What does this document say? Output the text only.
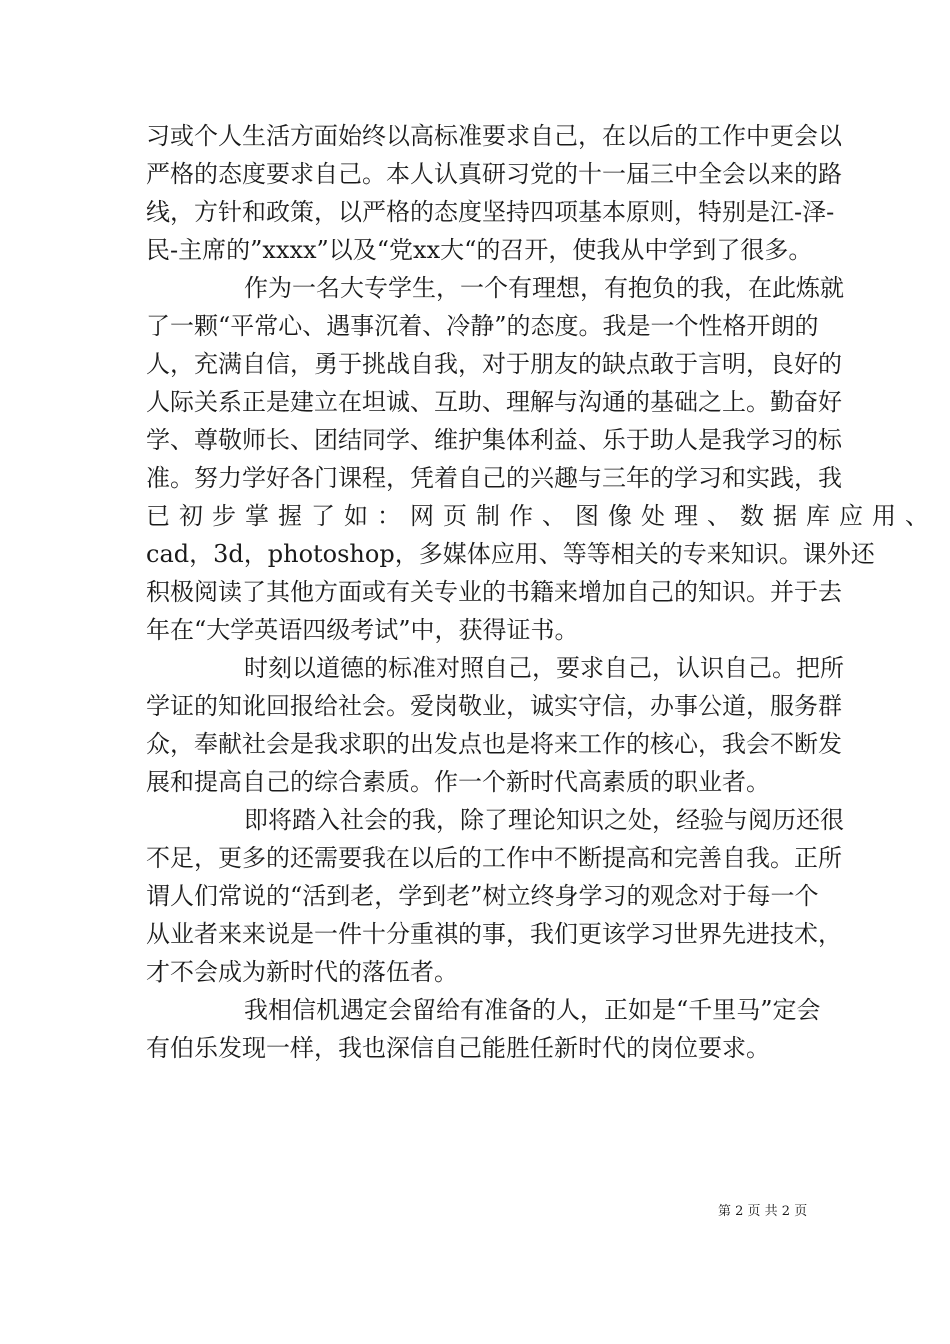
习或个人生活方面始终以高标准要求自己，在以后的工作中更会以
严格的态度要求自己。本人认真研习党的十一届三中全会以来的路
线，方针和政策，以严格的态度坚持四项基本原则，特别是江-泽-
民-主席的”xxxx”以及“党xx大“的召开，使我从中学到了很多。
作为一名大专学生，一个有理想，有抱负的我，在此炼就
了一颗“平常心、遇事沉着、冷静”的态度。我是一个性格开朗的
人，充满自信，勇于挑战自我，对于朋友的缺点敢于言明，良好的
人际关系正是建立在坦诚、互助、理解与沟通的基础之上。勤奋好
学、尊敬师长、团结同学、维护集体利益、乐于助人是我学习的标
准。努力学好各门课程，凭着自己的兴趣与三年的学习和实践，我
已初步掌握了如：网页制作、图像处理、数据库应用、
cad，3d，photoshop，多媒体应用、等等相关的专来知识。课外还
积极阅读了其他方面或有关专业的书籍来增加自己的知识。并于去
年在“大学英语四级考试”中，获得证书。
时刻以道德的标准对照自己，要求自己，认识自己。把所
学证的知讹回报给社会。爱岗敬业，诚实守信，办事公道，服务群
众，奉献社会是我求职的出发点也是将来工作的核心，我会不断发
展和提高自己的综合素质。作一个新时代高素质的职业者。
即将踏入社会的我，除了理论知识之处，经验与阅历还很
不足，更多的还需要我在以后的工作中不断提高和完善自我。正所
谓人们常说的“活到老，学到老”树立终身学习的观念对于每一个
从业者来来说是一件十分重祺的事，我们更该学习世界先进技术，
才不会成为新时代的落伍者。
我相信机遇定会留给有准备的人，正如是“千里马”定会
有伯乐发现一样，我也深信自己能胜任新时代的岗位要求。
第 2 页 共 2 页
